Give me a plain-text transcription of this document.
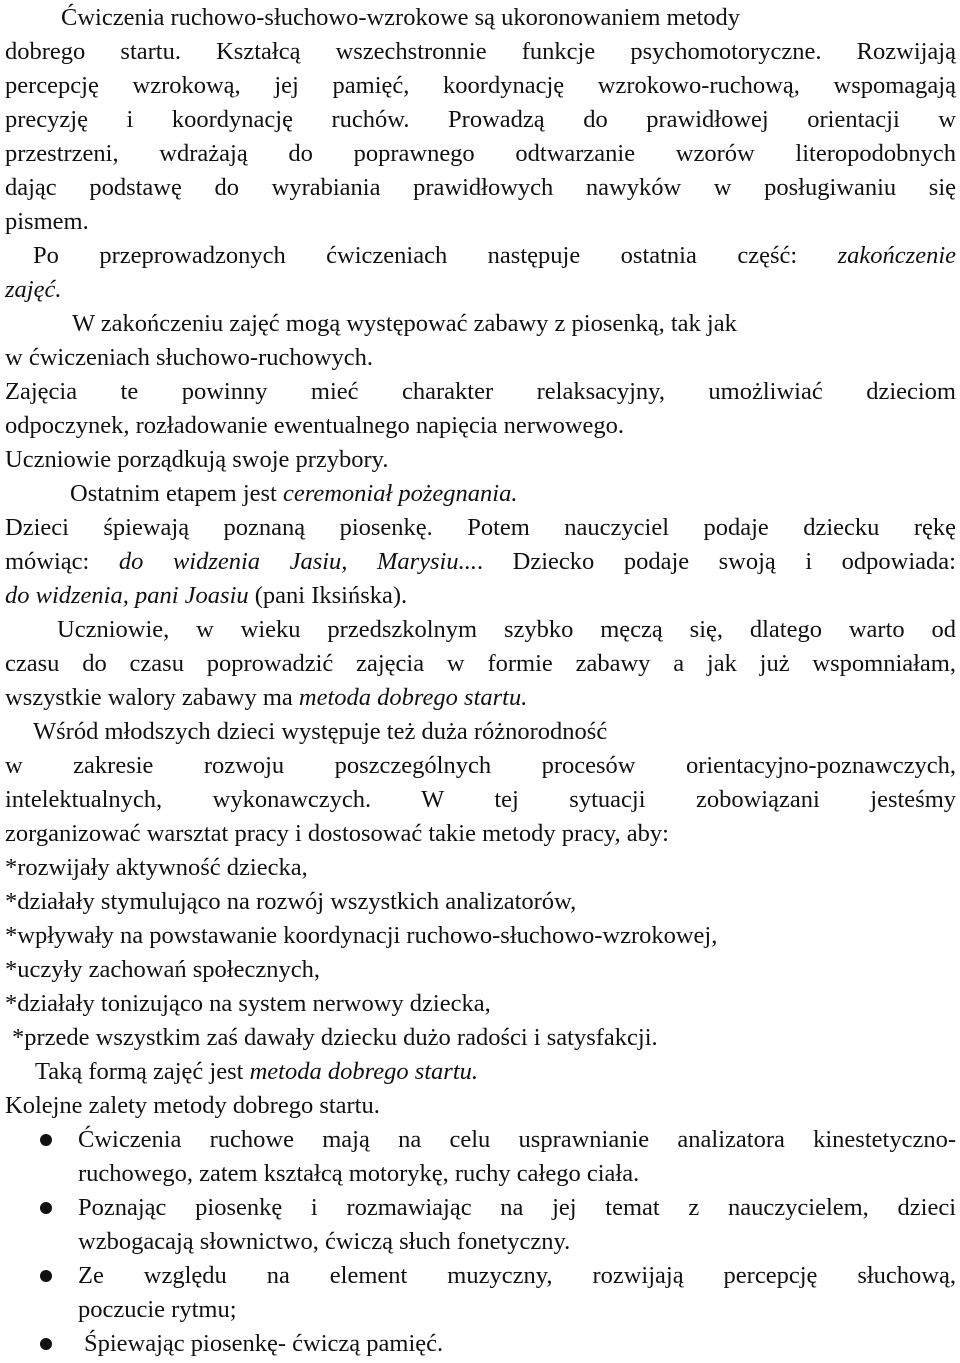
Ćwiczenia ruchowo-słuchowo-wzrokowe są ukoronowaniem metody
dobrego startu. Kształcą wszechstronnie funkcje psychomotoryczne. Rozwijają
percepcję wzrokową, jej pamięć, koordynację wzrokowo-ruchową, wspomagają
precyzję i koordynację ruchów. Prowadzą do prawidłowej orientacji w
przestrzeni, wdrażają do poprawnego odtwarzanie wzorów literopodobnych
dając podstawę do wyrabiania prawidłowych nawyków w posługiwaniu się
pismem.
Po przeprowadzonych ćwiczeniach następuje ostatnia część: zakończenie
zajęć.
W zakończeniu zajęć mogą występować zabawy z piosenką, tak jak
w ćwiczeniach słuchowo-ruchowych.
Zajęcia te powinny mieć charakter relaksacyjny, umożliwiać dzieciom
odpoczynek, rozładowanie ewentualnego napięcia nerwowego.
Uczniowie porządkują swoje przybory.
Ostatnim etapem jest ceremoniał pożegnania.
Dzieci śpiewają poznaną piosenkę. Potem nauczyciel podaje dziecku rękę
mówiąc: do widzenia Jasiu, Marysiu.... Dziecko podaje swoją i odpowiada:
do widzenia, pani Joasiu (pani Iksińska).
Uczniowie, w wieku przedszkolnym szybko męczą się, dlatego warto od
czasu do czasu poprowadzić zajęcia w formie zabawy a jak już wspomniałam,
wszystkie walory zabawy ma metoda dobrego startu.
Wśród młodszych dzieci występuje też duża różnorodność
w zakresie rozwoju poszczególnych procesów orientacyjno-poznawczych,
intelektualnych, wykonawczych. W tej sytuacji zobowiązani jesteśmy
zorganizować warsztat pracy i dostosować takie metody pracy, aby:
*rozwijały aktywność dziecka,
*działały stymulująco na rozwój wszystkich analizatorów,
*wpływały na powstawanie koordynacji ruchowo-słuchowo-wzrokowej,
*uczyły zachowań społecznych,
*działały tonizująco na system nerwowy dziecka,
*przede wszystkim zaś dawały dziecku dużo radości i satysfakcji.
Taką formą zajęć jest metoda dobrego startu.
Kolejne zalety metody dobrego startu.
Ćwiczenia ruchowe mają na celu usprawnianie analizatora kinestetyczno-
ruchowego, zatem kształcą motorykę, ruchy całego ciała.
Poznając piosenkę i rozmawiając na jej temat z nauczycielem, dzieci
wzbogacają słownictwo, ćwiczą słuch fonetyczny.
Ze względu na element muzyczny, rozwijają percepcję słuchową,
poczucie rytmu;
Śpiewając piosenkę- ćwiczą pamięć.
